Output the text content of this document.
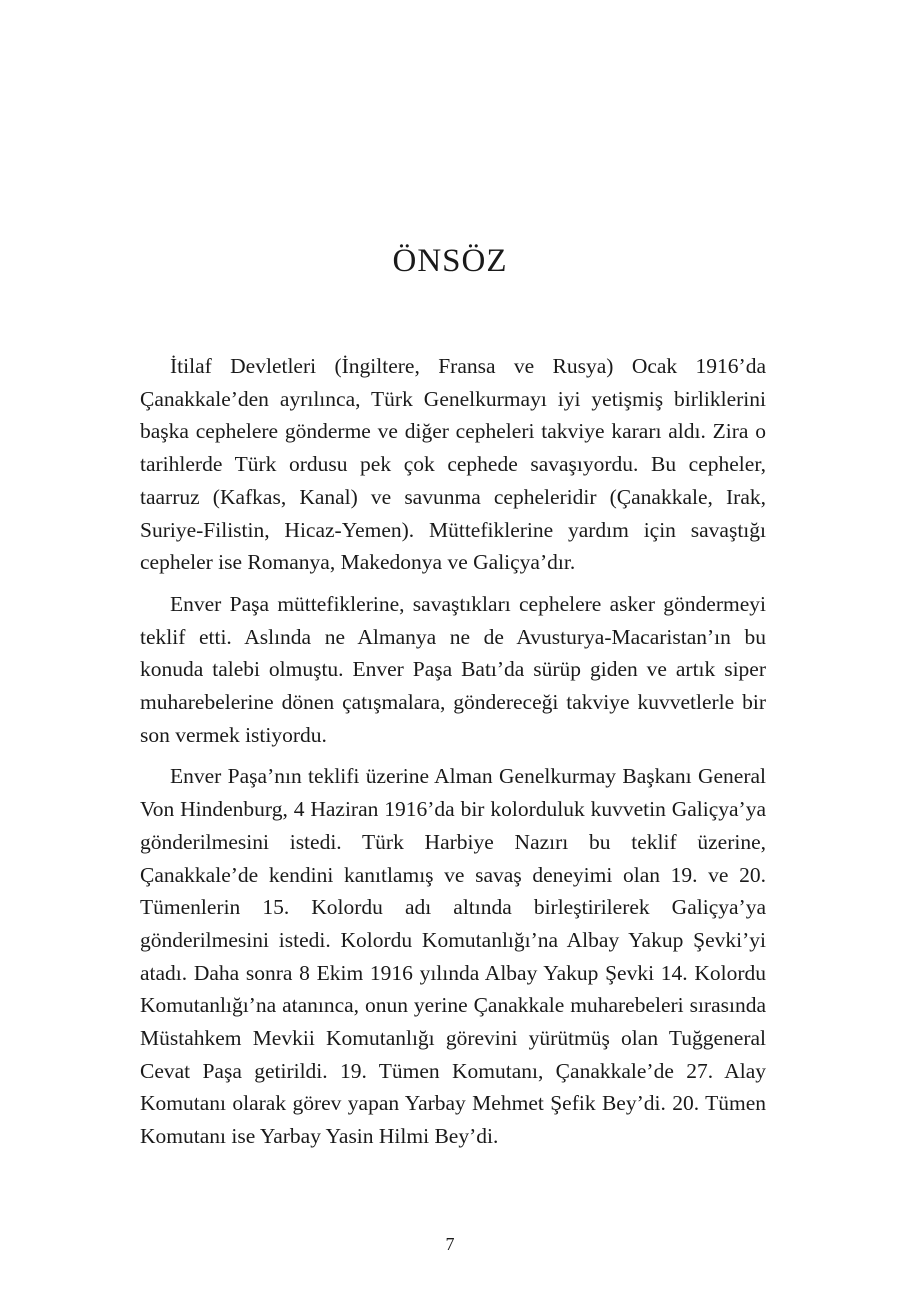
ÖNSÖZ

İtilaf Devletleri (İngiltere, Fransa ve Rusya) Ocak 1916’da Çanakkale’den ayrılınca, Türk Genelkurmayı iyi yetişmiş birliklerini başka cephelere gönderme ve diğer cepheleri takviye kararı aldı. Zira o tarihlerde Türk ordusu pek çok cephede savaşıyordu. Bu cepheler, taarruz (Kafkas, Kanal) ve savunma cepheleridir (Çanakkale, Irak, Suriye-Filistin, Hicaz-Yemen). Müttefiklerine yardım için savaştığı cepheler ise Romanya, Makedonya ve Galiçya’dır.

Enver Paşa müttefiklerine, savaştıkları cephelere asker göndermeyi teklif etti. Aslında ne Almanya ne de Avusturya-Macaristan’ın bu konuda talebi olmuştu. Enver Paşa Batı’da sürüp giden ve artık siper muharebelerine dönen çatışmalara, göndereceği takviye kuvvetlerle bir son vermek istiyordu.

Enver Paşa’nın teklifi üzerine Alman Genelkurmay Başkanı General Von Hindenburg, 4 Haziran 1916’da bir kolorduluk kuvvetin Galiçya’ya gönderilmesini istedi. Türk Harbiye Nazırı bu teklif üzerine, Çanakkale’de kendini kanıtlamış ve savaş deneyimi olan 19. ve 20. Tümenlerin 15. Kolordu adı altında birleştirilerek Galiçya’ya gönderilmesini istedi. Kolordu Komutanlığı’na Albay Yakup Şevki’yi atadı. Daha sonra 8 Ekim 1916 yılında Albay Yakup Şevki 14. Kolordu Komutanlığı’na atanınca, onun yerine Çanakkale muharebeleri sırasında Müstahkem Mevkii Komutanlığı görevini yürütmüş olan Tuğgeneral Cevat Paşa getirildi. 19. Tümen Komutanı, Çanakkale’de 27. Alay Komutanı olarak görev yapan Yarbay Mehmet Şefik Bey’di. 20. Tümen Komutanı ise Yarbay Yasin Hilmi Bey’di.

7
